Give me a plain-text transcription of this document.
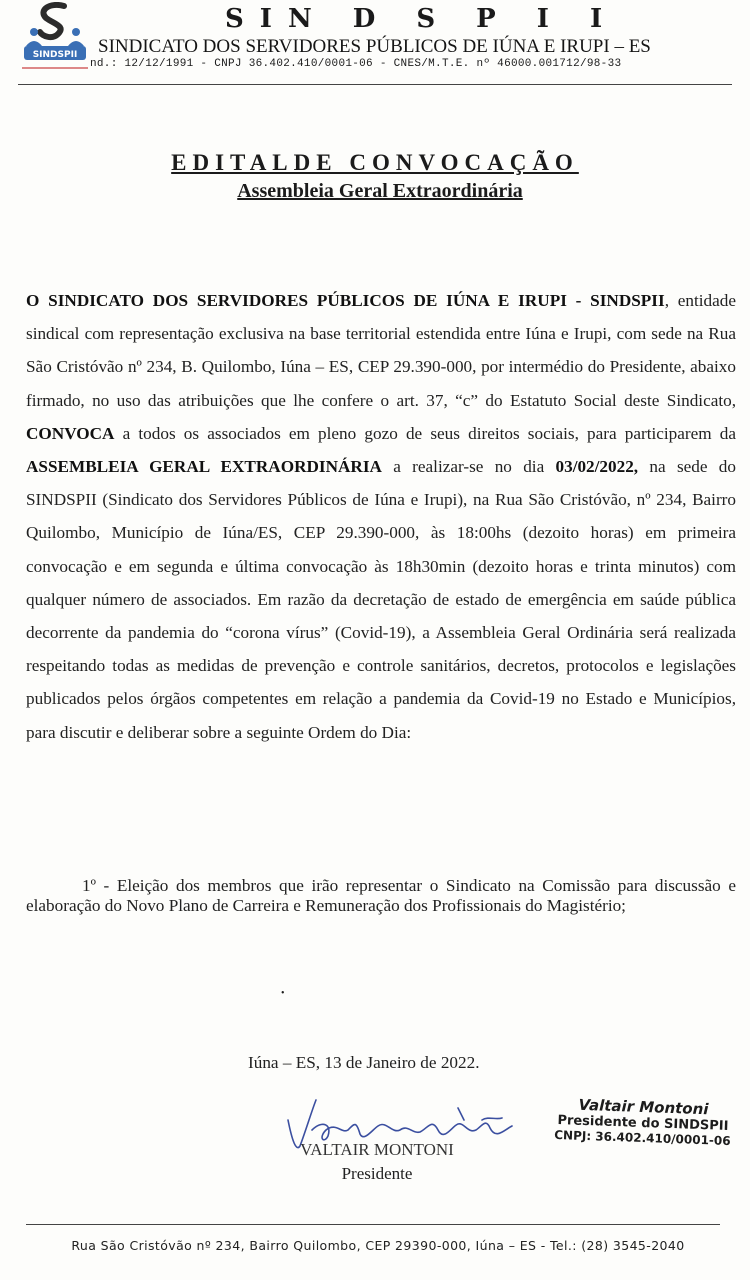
SINDSPII
SIN D S P I I
SINDICATO DOS SERVIDORES PÚBLICOS DE IÚNA E IRUPI – ES
nd.: 12/12/1991 - CNPJ 36.402.410/0001-06 - CNES/M.T.E. nº 46000.001712/98-33
EDITALDE CONVOCAÇÃO
Assembleia Geral Extraordinária
O SINDICATO DOS SERVIDORES PÚBLICOS DE IÚNA E IRUPI - SINDSPII, entidade sindical com representação exclusiva na base territorial estendida entre Iúna e Irupi, com sede na Rua São Cristóvão nº 234, B. Quilombo, Iúna – ES, CEP 29.390-000, por intermédio do Presidente, abaixo firmado, no uso das atribuições que lhe confere o art. 37, “c” do Estatuto Social deste Sindicato, CONVOCA a todos os associados em pleno gozo de seus direitos sociais, para participarem da ASSEMBLEIA GERAL EXTRAORDINÁRIA a realizar-se no dia 03/02/2022, na sede do SINDSPII (Sindicato dos Servidores Públicos de Iúna e Irupi), na Rua São Cristóvão, nº 234, Bairro Quilombo, Município de Iúna/ES, CEP 29.390-000, às 18:00hs (dezoito horas) em primeira convocação e em segunda e última convocação às 18h30min (dezoito horas e trinta minutos) com qualquer número de associados. Em razão da decretação de estado de emergência em saúde pública decorrente da pandemia do “corona vírus” (Covid-19), a Assembleia Geral Ordinária será realizada respeitando todas as medidas de prevenção e controle sanitários, decretos, protocolos e legislações publicados pelos órgãos competentes em relação a pandemia da Covid-19 no Estado e Municípios, para discutir e deliberar sobre a seguinte Ordem do Dia:
1º - Eleição dos membros que irão representar o Sindicato na Comissão para discussão e elaboração do Novo Plano de Carreira e Remuneração dos Profissionais do Magistério;
•
Iúna – ES, 13 de Janeiro de 2022.
VALTAIR MONTONI
Presidente
Valtair Montoni
Presidente do SINDSPII
CNPJ: 36.402.410/0001-06
Rua São Cristóvão nº 234, Bairro Quilombo, CEP 29390-000, Iúna – ES - Tel.: (28) 3545-2040
